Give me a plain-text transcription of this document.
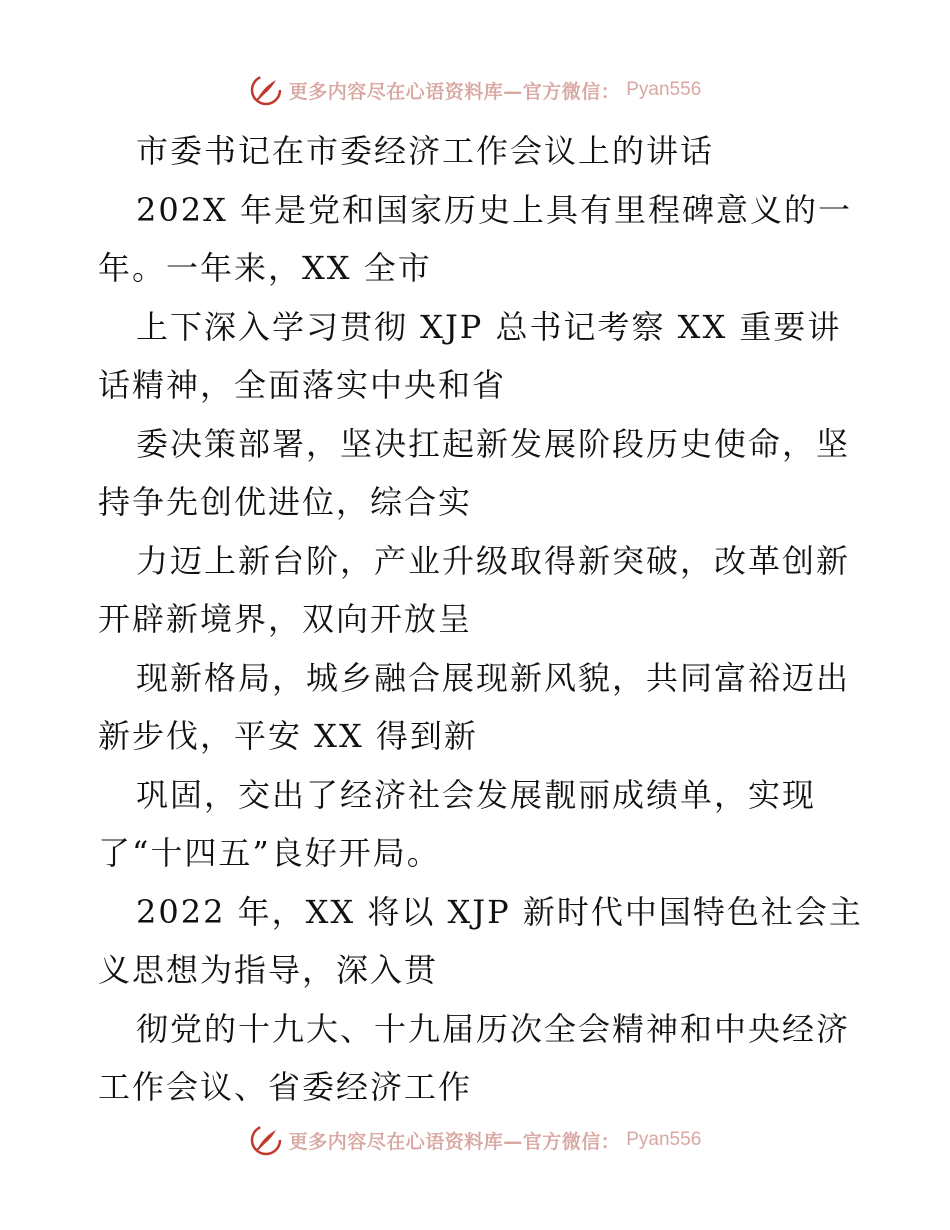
更多内容尽在心语资料库—官方微信： Pyan556
市委书记在市委经济工作会议上的讲话
202X 年是党和国家历史上具有里程碑意义的一
年。一年来，XX 全市
上下深入学习贯彻 XJP 总书记考察 XX 重要讲
话精神，全面落实中央和省
委决策部署，坚决扛起新发展阶段历史使命，坚
持争先创优进位，综合实
力迈上新台阶，产业升级取得新突破，改革创新
开辟新境界，双向开放呈
现新格局，城乡融合展现新风貌，共同富裕迈出
新步伐，平安 XX 得到新
巩固，交出了经济社会发展靓丽成绩单，实现
了“十四五”良好开局。
2022 年，XX 将以 XJP 新时代中国特色社会主
义思想为指导，深入贯
彻党的十九大、十九届历次全会精神和中央经济
工作会议、省委经济工作
更多内容尽在心语资料库—官方微信： Pyan556
